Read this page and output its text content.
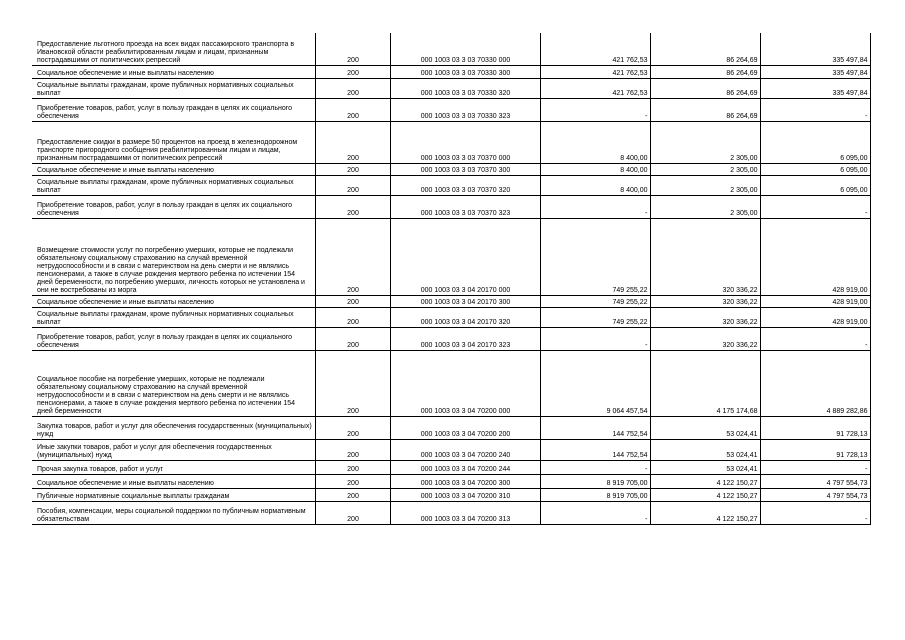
Предоставление льготного проезда на всех видах пассажирского транспорта в Ивановской области реабилитированным лицам и лицам, признанным пострадавшими от политических репрессий	200	000 1003 03 3 03 70330 000	421 762,53	86 264,69	335 497,84

Социальное обеспечение и иные выплаты населению	200	000 1003 03 3 03 70330 300	421 762,53	86 264,69	335 497,84

Социальные выплаты гражданам, кроме публичных нормативных социальных выплат	200	000 1003 03 3 03 70330 320	421 762,53	86 264,69	335 497,84

Приобретение товаров, работ, услуг в пользу граждан в целях их социального обеспечения	200	000 1003 03 3 03 70330 323	-	86 264,69	-

Предоставление скидки в размере 50 процентов на проезд в железнодорожном транспорте пригородного сообщения реабилитированным лицам и лицам, признанным пострадавшими от политических репрессий	200	000 1003 03 3 03 70370 000	8 400,00	2 305,00	6 095,00

Социальное обеспечение и иные выплаты населению	200	000 1003 03 3 03 70370 300	8 400,00	2 305,00	6 095,00

Социальные выплаты гражданам, кроме публичных нормативных социальных выплат	200	000 1003 03 3 03 70370 320	8 400,00	2 305,00	6 095,00

Приобретение товаров, работ, услуг в пользу граждан в целях их социального обеспечения	200	000 1003 03 3 03 70370 323	-	2 305,00	-

Возмещение стоимости услуг по погребению умерших, которые не подлежали обязательному социальному страхованию на случай временной нетрудоспособности и в связи с материнством на день смерти и не являлись пенсионерами, а также в случае рождения мертвого ребенка по истечении 154 дней беременности, по погребению умерших, личность которых не установлена и они не востребованы из морга	200	000 1003 03 3 04 20170 000	749 255,22	320 336,22	428 919,00

Социальное обеспечение и иные выплаты населению	200	000 1003 03 3 04 20170 300	749 255,22	320 336,22	428 919,00

Социальные выплаты гражданам, кроме публичных нормативных социальных выплат	200	000 1003 03 3 04 20170 320	749 255,22	320 336,22	428 919,00

Приобретение товаров, работ, услуг в пользу граждан в целях их социального обеспечения	200	000 1003 03 3 04 20170 323	-	320 336,22	-

Социальное пособие на погребение умерших, которые не подлежали обязательному социальному страхованию на случай временной нетрудоспособности и в связи с материнством на день смерти и не являлись пенсионерами, а также в случае рождения мертвого ребенка по истечении 154 дней беременности	200	000 1003 03 3 04 70200 000	9 064 457,54	4 175 174,68	4 889 282,86

Закупка товаров, работ и услуг для обеспечения государственных (муниципальных) нужд	200	000 1003 03 3 04 70200 200	144 752,54	53 024,41	91 728,13

Иные закупки товаров, работ и услуг для обеспечения государственных (муниципальных) нужд	200	000 1003 03 3 04 70200 240	144 752,54	53 024,41	91 728,13

Прочая закупка товаров, работ и услуг	200	000 1003 03 3 04 70200 244	-	53 024,41	-

Социальное обеспечение и иные выплаты населению	200	000 1003 03 3 04 70200 300	8 919 705,00	4 122 150,27	4 797 554,73

Публичные нормативные социальные выплаты гражданам	200	000 1003 03 3 04 70200 310	8 919 705,00	4 122 150,27	4 797 554,73

Пособия, компенсации, меры социальной поддержки по публичным нормативным обязательствам	200	000 1003 03 3 04 70200 313	-	4 122 150,27	-
